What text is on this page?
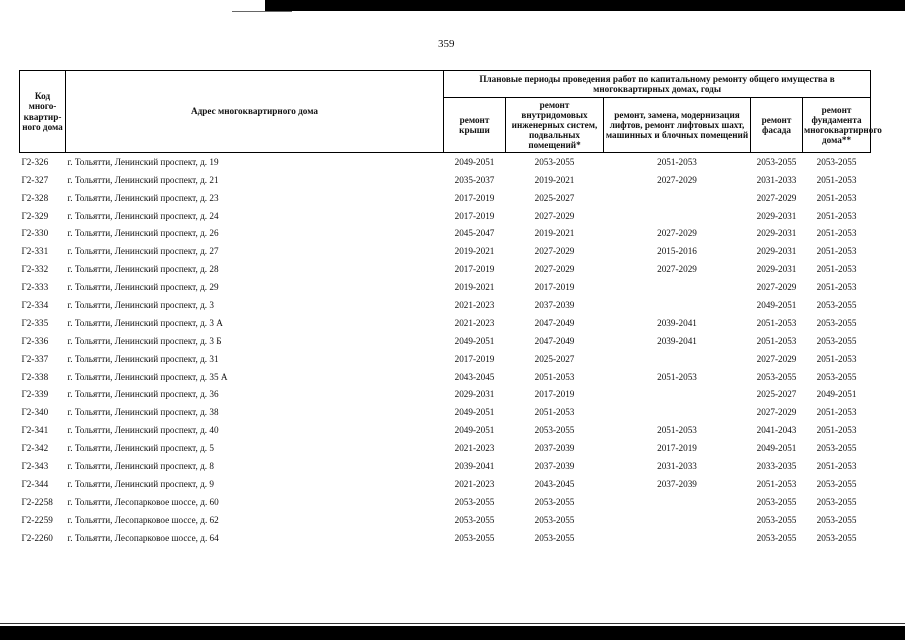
359
Код много-квартир-ного дома	Адрес многоквартирного дома	Плановые периоды проведения работ по капитальному ремонту общего имущества в многоквартирных домах, годы				
		ремонт крыши	ремонт внутридомовых инженерных систем, подвальных помещений*	ремонт, замена, модернизация лифтов, ремонт лифтовых шахт, машинных и блочных помещений	ремонт фасада	ремонт фундамента многоквартирного дома**
Г2-326	г. Тольятти, Ленинский проспект, д. 19	2049-2051	2053-2055	2051-2053	2053-2055	2053-2055
Г2-327	г. Тольятти, Ленинский проспект, д. 21	2035-2037	2019-2021	2027-2029	2031-2033	2051-2053
Г2-328	г. Тольятти, Ленинский проспект, д. 23	2017-2019	2025-2027		2027-2029	2051-2053
Г2-329	г. Тольятти, Ленинский проспект, д. 24	2017-2019	2027-2029		2029-2031	2051-2053
Г2-330	г. Тольятти, Ленинский проспект, д. 26	2045-2047	2019-2021	2027-2029	2029-2031	2051-2053
Г2-331	г. Тольятти, Ленинский проспект, д. 27	2019-2021	2027-2029	2015-2016	2029-2031	2051-2053
Г2-332	г. Тольятти, Ленинский проспект, д. 28	2017-2019	2027-2029	2027-2029	2029-2031	2051-2053
Г2-333	г. Тольятти, Ленинский проспект, д. 29	2019-2021	2017-2019		2027-2029	2051-2053
Г2-334	г. Тольятти, Ленинский проспект, д. 3	2021-2023	2037-2039		2049-2051	2053-2055
Г2-335	г. Тольятти, Ленинский проспект, д. 3 А	2021-2023	2047-2049	2039-2041	2051-2053	2053-2055
Г2-336	г. Тольятти, Ленинский проспект, д. 3 Б	2049-2051	2047-2049	2039-2041	2051-2053	2053-2055
Г2-337	г. Тольятти, Ленинский проспект, д. 31	2017-2019	2025-2027		2027-2029	2051-2053
Г2-338	г. Тольятти, Ленинский проспект, д. 35 А	2043-2045	2051-2053	2051-2053	2053-2055	2053-2055
Г2-339	г. Тольятти, Ленинский проспект, д. 36	2029-2031	2017-2019		2025-2027	2049-2051
Г2-340	г. Тольятти, Ленинский проспект, д. 38	2049-2051	2051-2053		2027-2029	2051-2053
Г2-341	г. Тольятти, Ленинский проспект, д. 40	2049-2051	2053-2055	2051-2053	2041-2043	2051-2053
Г2-342	г. Тольятти, Ленинский проспект, д. 5	2021-2023	2037-2039	2017-2019	2049-2051	2053-2055
Г2-343	г. Тольятти, Ленинский проспект, д. 8	2039-2041	2037-2039	2031-2033	2033-2035	2051-2053
Г2-344	г. Тольятти, Ленинский проспект, д. 9	2021-2023	2043-2045	2037-2039	2051-2053	2053-2055
Г2-2258	г. Тольятти, Лесопарковое шоссе, д. 60	2053-2055	2053-2055		2053-2055	2053-2055
Г2-2259	г. Тольятти, Лесопарковое шоссе, д. 62	2053-2055	2053-2055		2053-2055	2053-2055
Г2-2260	г. Тольятти, Лесопарковое шоссе, д. 64	2053-2055	2053-2055		2053-2055	2053-2055
